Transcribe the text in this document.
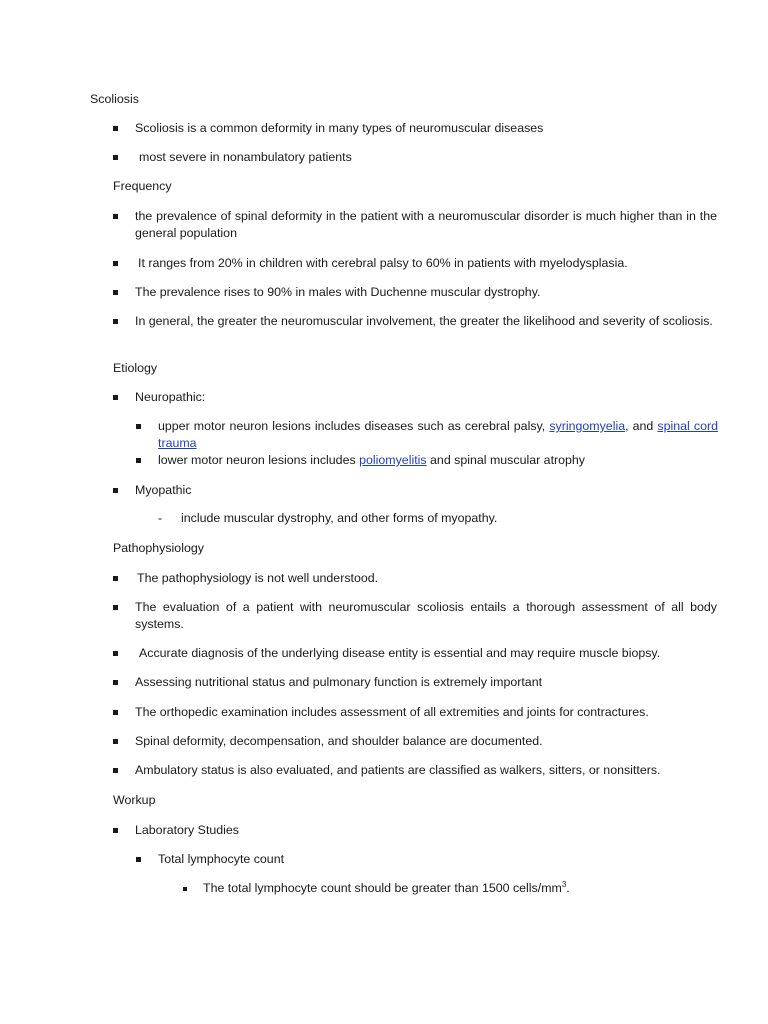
Scoliosis
Scoliosis is a common deformity in many types of neuromuscular diseases
most severe in nonambulatory patients
Frequency
the prevalence of spinal deformity in the patient with a neuromuscular disorder is much higher than in the general population
It ranges from 20% in children with cerebral palsy to 60% in patients with myelodysplasia.
The prevalence rises to 90% in males with Duchenne muscular dystrophy.
In general, the greater the neuromuscular involvement, the greater the likelihood and severity of scoliosis.
Etiology
Neuropathic:
upper motor neuron lesions includes diseases such as cerebral palsy, syringomyelia, and spinal cord trauma
lower motor neuron lesions includes poliomyelitis and spinal muscular atrophy
Myopathic
- include muscular dystrophy, and other forms of myopathy.
Pathophysiology
The pathophysiology is not well understood.
The evaluation of a patient with neuromuscular scoliosis entails a thorough assessment of all body systems.
Accurate diagnosis of the underlying disease entity is essential and may require muscle biopsy.
Assessing nutritional status and pulmonary function is extremely important
The orthopedic examination includes assessment of all extremities and joints for contractures.
Spinal deformity, decompensation, and shoulder balance are documented.
Ambulatory status is also evaluated, and patients are classified as walkers, sitters, or nonsitters.
Workup
Laboratory Studies
Total lymphocyte count
The total lymphocyte count should be greater than 1500 cells/$mm^3$.
